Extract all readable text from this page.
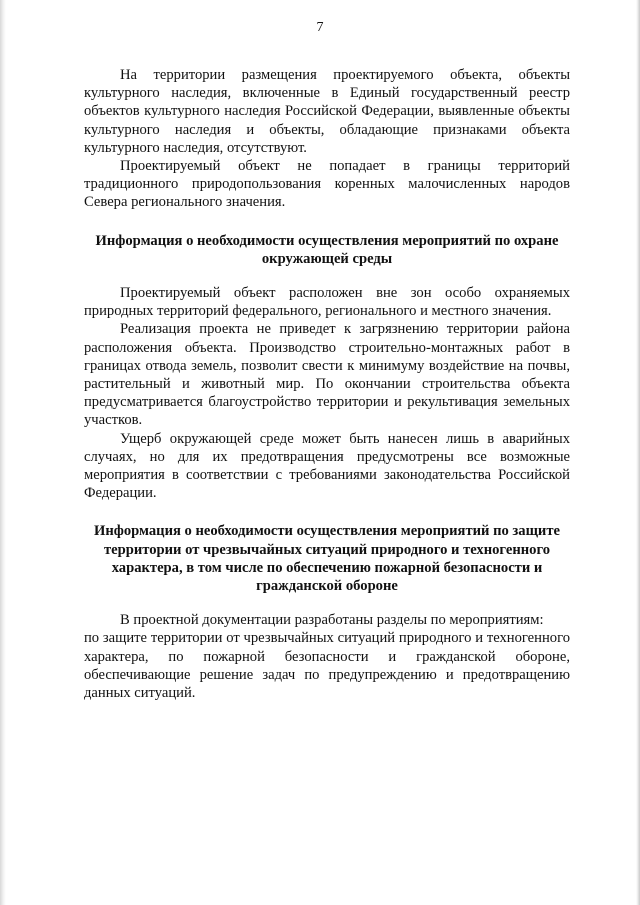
7

На территории размещения проектируемого объекта, объекты культурного наследия, включенные в Единый государственный реестр объектов культурного наследия Российской Федерации, выявленные объекты культурного наследия и объекты, обладающие признаками объекта культурного наследия, отсутствуют.

Проектируемый объект не попадает в границы территорий традиционного природопользования коренных малочисленных народов Севера регионального значения.

Информация о необходимости осуществления мероприятий по охране окружающей среды

Проектируемый объект расположен вне зон особо охраняемых природных территорий федерального, регионального и местного значения.

Реализация проекта не приведет к загрязнению территории района расположения объекта. Производство строительно-монтажных работ в границах отвода земель, позволит свести к минимуму воздействие на почвы, растительный и животный мир. По окончании строительства объекта предусматривается благоустройство территории и рекультивация земельных участков.

Ущерб окружающей среде может быть нанесен лишь в аварийных случаях, но для их предотвращения предусмотрены все возможные мероприятия в соответствии с требованиями законодательства Российской Федерации.

Информация о необходимости осуществления мероприятий по защите территории от чрезвычайных ситуаций природного и техногенного характера, в том числе по обеспечению пожарной безопасности и гражданской обороне

В проектной документации разработаны разделы по мероприятиям:

по защите территории от чрезвычайных ситуаций природного и техногенного характера, по пожарной безопасности и гражданской обороне, обеспечивающие решение задач по предупреждению и предотвращению данных ситуаций.
